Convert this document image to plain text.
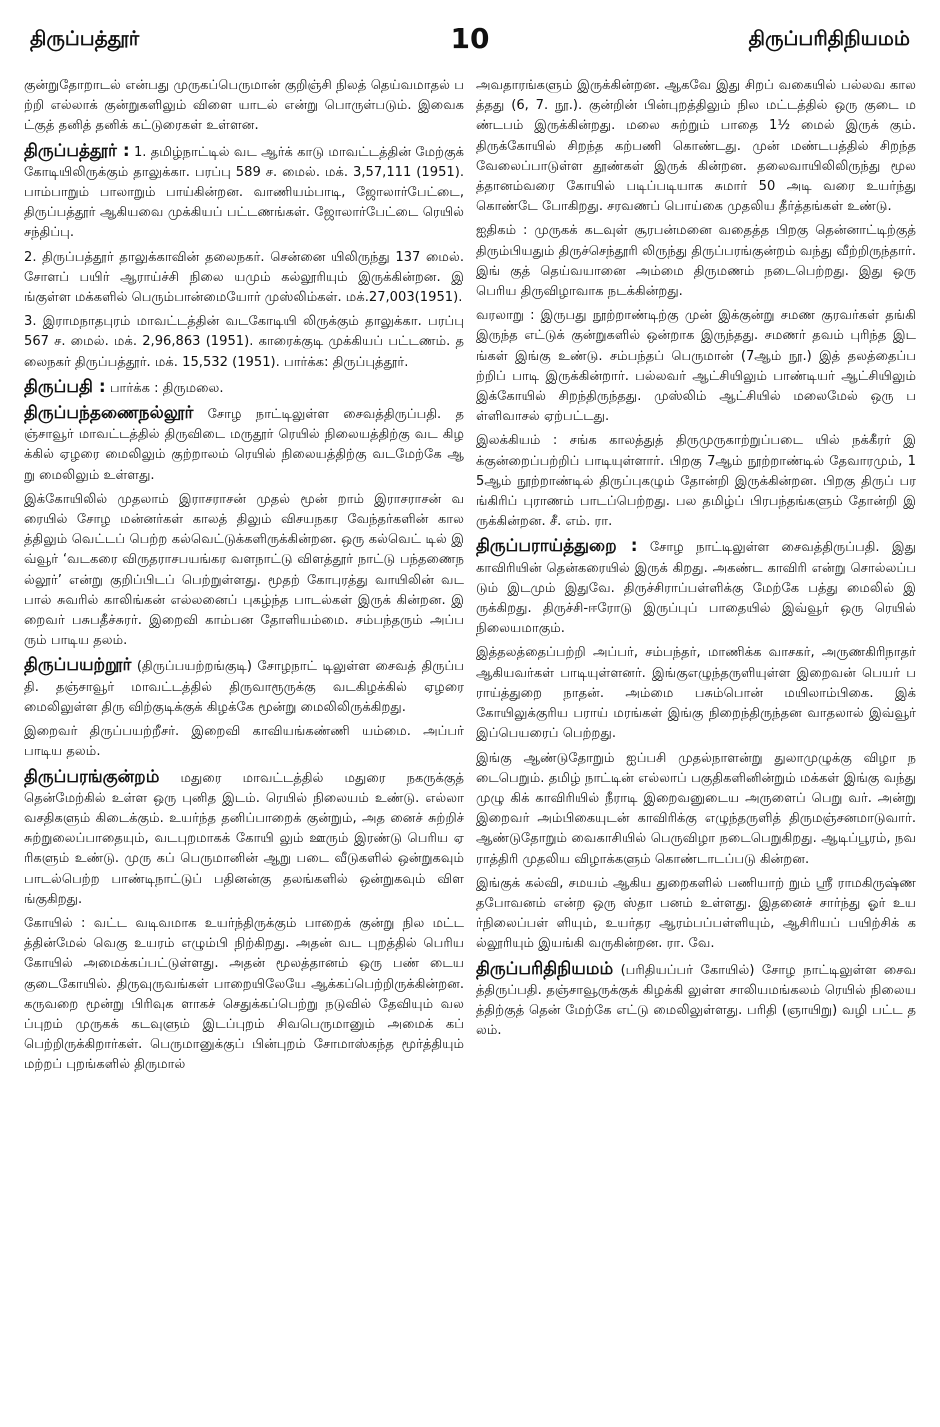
திருப்பத்தூர்	10	திருப்பரிதிநியமம்

குன்றுதோறாடல் என்பது முருகப்பெருமான் குறிஞ்சி நிலத் தெய்வமாதல் பற்றி எல்லாக் குன்றுகளிலும் விளை யாடல் என்று பொருள்படும். இவைகட்குத் தனித் தனிக் கட்டுரைகள் உள்ளன.

திருப்பத்தூர் : 1. தமிழ்நாட்டில் வட ஆர்க் காடு மாவட்டத்தின் மேற்குக் கோடியிலிருக்கும் தாலுக்கா. பரப்பு 589 ச. மைல். மக். 3,57,111 (1951). பாம்பாறும் பாலாறும் பாய்கின்றன. வாணியம்பாடி, ஜோலார்பேட்டை, திருப்பத்தூர் ஆகியவை முக்கியப் பட்டணங்கள். ஜோலார்பேட்டை ரெயில் சந்திப்பு.

2. திருப்பத்தூர் தாலுக்காவின் தலைநகர். சென்னை யிலிருந்து 137 மைல். சோளப் பயிர் ஆராய்ச்சி நிலை யமும் கல்லூரியும் இருக்கின்றன. இங்குள்ள மக்களில் பெரும்பான்மையோர் முஸ்லிம்கள். மக்.27,003(1951).

3. இராமநாதபுரம் மாவட்டத்தின் வடகோடியி லிருக்கும் தாலுக்கா. பரப்பு 567 ச. மைல். மக். 2,96,863 (1951). காரைக்குடி முக்கியப் பட்டணம். தலைநகர் திருப்பத்தூர். மக். 15,532 (1951). பார்க்க: திருப்புத்தூர்.

திருப்பதி : பார்க்க : திருமலை.

திருப்பந்தணைநல்லூர் சோழ நாட்டிலுள்ள சைவத்திருப்பதி. தஞ்சாவூர் மாவட்டத்தில் திருவிடை மருதூர் ரெயில் நிலையத்திற்கு வட கிழக்கில் ஏழரை மைலிலும் குற்றாலம் ரெயில் நிலையத்திற்கு வடமேற்கே ஆறு மைலிலும் உள்ளது.

இக்கோயிலில் முதலாம் இராசராசன் முதல் மூன் றாம் இராசராசன் வரையில் சோழ மன்னர்கள் காலத் திலும் விசயநகர வேந்தர்களின் காலத்திலும் வெட்டப் பெற்ற கல்வெட்டுக்களிருக்கின்றன. ஒரு கல்வெட் டில் இவ்வூர் ‘வடகரை விருதராசபயங்கர வளநாட்டு விளத்தூர் நாட்டு பந்தணைநல்லூர்’ என்று குறிப்பிடப் பெற்றுள்ளது. மூதற் கோபுரத்து வாயிலின் வடபால் சுவரில் காலிங்கன் எல்லனைப் புகழ்ந்த பாடல்கள் இருக் கின்றன. இறைவர் பசுபதீச்சுரர். இறைவி காம்பன தோளியம்மை. சம்பந்தரும் அப்பரும் பாடிய தலம்.

திருப்பயற்றூர் (திருப்பயற்றங்குடி) சோழநாட் டிலுள்ள சைவத் திருப்பதி. தஞ்சாவூர் மாவட்டத்தில் திருவாரூருக்கு வடகிழக்கில் ஏழரை மைலிலுள்ள திரு விற்குடிக்குக் கிழக்கே மூன்று மைலிலிருக்கிறது.

இறைவர் திருப்பயற்றீசர். இறைவி காவியங்கண்ணி யம்மை. அப்பர் பாடிய தலம்.

திருப்பரங்குன்றம் மதுரை மாவட்டத்தில் மதுரை நகருக்குத் தென்மேற்கில் உள்ள ஒரு புனித இடம். ரெயில் நிலையம் உண்டு. எல்லா வசதிகளும் கிடைக்கும். உயர்ந்த தனிப்பாறைக் குன்றும், அத னைச் சுற்றிச் சுற்றுலைப்பாதையும், வடபுறமாகக் கோயி லும் ஊரும் இரண்டு பெரிய ஏரிகளும் உண்டு. முரு கப் பெருமானின் ஆறு படை வீடுகளில் ஒன்றுகவும் பாடல்பெற்ற பாண்டிநாட்டுப் பதினன்கு தலங்களில் ஒன்றுகவும் விளங்குகிறது.

கோயில் : வட்ட வடிவமாக உயர்ந்திருக்கும் பாறைக் குன்று நில மட்டத்தின்மேல் வெகு உயரம் எழும்பி நிற்கிறது. அதன் வட புறத்தில் பெரிய கோயில் அமைக்கப்பட்டுள்ளது. அதன் மூலத்தானம் ஒரு பண் டைய குடைகோயில். திருவுருவங்கள் பாறையிலேயே ஆக்கப்பெற்றிருக்கின்றன. கருவறை மூன்று பிரிவுக ளாகச் செதுக்கப்பெற்று நடுவில் தேவியும் வலப்புறம் முருகக் கடவுளும் இடப்புறம் சிவபெருமானும் அமைக் கப் பெற்றிருக்கிறார்கள். பெருமானுக்குப் பின்புறம் சோமாஸ்கந்த மூர்த்தியும் மற்றப் புறங்களில் திருமால்

அவதாரங்களும் இருக்கின்றன. ஆகவே இது சிறப் வகையில் பல்லவ காலத்தது (6, 7. நூ.). குன்றின் பின்புறத்திலும் நில மட்டத்தில் ஒரு குடை மண்டபம் இருக்கின்றது. மலை சுற்றும் பாதை 1½ மைல் இருக் கும். திருக்கோயில் சிறந்த கற்பணி கொண்டது. முன் மண்டபத்தில் சிறந்த வேலைப்பாடுள்ள தூண்கள் இருக் கின்றன. தலைவாயிலிலிருந்து மூலத்தானம்வரை கோயில் படிப்படியாக சுமார் 50 அடி வரை உயர்ந்து கொண்டே போகிறது. சரவணப் பொய்கை முதலிய தீர்த்தங்கள் உண்டு.

ஐதிகம் : முருகக் கடவுள் சூரபன்மனை வதைத்த பிறகு தென்னாட்டிற்குத் திரும்பியதும் திருச்செந்தூரி லிருந்து திருப்பரங்குன்றம் வந்து வீற்றிருந்தார். இங் குத் தெய்வயானை அம்மை திருமணம் நடைபெற்றது. இது ஒரு பெரிய திருவிழாவாக நடக்கின்றது.

வரலாறு : இருபது நூற்றாண்டிற்கு முன் இக்குன்று சமண குரவர்கள் தங்கி இருந்த எட்டுக் குன்றுகளில் ஒன்றாக இருந்தது. சமணர் தவம் புரிந்த இடங்கள் இங்கு உண்டு. சம்பந்தப் பெருமான் (7ஆம் நூ.) இத் தலத்தைப்பற்றிப் பாடி இருக்கின்றார். பல்லவர் ஆட்சியிலும் பாண்டியர் ஆட்சியிலும் இக்கோயில் சிறந்திருந்தது. முஸ்லிம் ஆட்சியில் மலைமேல் ஒரு பள்ளிவாசல் ஏற்பட்டது.

இலக்கியம் : சங்க காலத்துத் திருமுருகாற்றுப்படை யில் நக்கீரர் இக்குன்றைப்பற்றிப் பாடியுள்ளார். பிறகு 7ஆம் நூற்றாண்டில் தேவாரமும், 15ஆம் நூற்றாண்டில் திருப்புகழும் தோன்றி இருக்கின்றன. பிறகு திருப் பரங்கிரிப் புராணம் பாடப்பெற்றது. பல தமிழ்ப் பிரபந்தங்களும் தோன்றி இருக்கின்றன. சீ. எம். ரா.

திருப்பராய்த்துறை : சோழ நாட்டிலுள்ள சைவத்திருப்பதி. இது காவிரியின் தென்கரையில் இருக் கிறது. அகண்ட காவிரி என்று சொல்லப்படும் இடமும் இதுவே. திருச்சிராப்பள்ளிக்கு மேற்கே பத்து மைலில் இருக்கிறது. திருச்சி-ஈரோடு இருப்புப் பாதையில் இவ்வூர் ஒரு ரெயில் நிலையமாகும்.

இத்தலத்தைப்பற்றி அப்பர், சம்பந்தர், மாணிக்க வாசகர், அருணகிரிநாதர் ஆகியவர்கள் பாடியுள்ளனர். இங்குஎழுந்தருளியுள்ள இறைவன் பெயர் பராய்த்துறை நாதன். அம்மை பசும்பொன் மயிலாம்பிகை. இக் கோயிலுக்குரிய பராய் மரங்கள் இங்கு நிறைந்திருந்தன வாதலால் இவ்வூர் இப்பெயரைப் பெற்றது.

இங்கு ஆண்டுதோறும் ஐப்பசி முதல்நாளன்று துலாமுழுக்கு விழா நடைபெறும். தமிழ் நாட்டின் எல்லாப் பகுதிகளினின்றும் மக்கள் இங்கு வந்து முழு கிக் காவிரியில் நீராடி இறைவனுடைய அருளைப் பெறு வர். அன்று இறைவர் அம்பிகையுடன் காவிரிக்கு எழுந்தருளித் திருமஞ்சனமாடுவார். ஆண்டுதோறும் வைகாசியில் பெருவிழா நடைபெறுகிறது. ஆடிப்பூரம், நவராத்திரி முதலிய விழாக்களும் கொண்டாடப்படு கின்றன.

இங்குக் கல்வி, சமயம் ஆகிய துறைகளில் பணியாற் றும் ஸ்ரீ ராமகிருஷ்ண தபோவனம் என்ற ஒரு ஸ்தா பனம் உள்ளது. இதனைச் சார்ந்து ஓர் உயர்நிலைப்பள் ளியும், உயர்தர ஆரம்பப்பள்ளியும், ஆசிரியப் பயிற்சிக் கல்லூரியும் இயங்கி வருகின்றன. ரா. வே.

திருப்பரிதிநியமம் (பரிதியப்பர் கோயில்) சோழ நாட்டிலுள்ள சைவத்திருப்பதி. தஞ்சாவூருக்குக் கிழக்கி லுள்ள சாலியமங்கலம் ரெயில் நிலையத்திற்குத் தென் மேற்கே எட்டு மைலிலுள்ளது. பரிதி (ஞாயிறு) வழி பட்ட தலம்.
